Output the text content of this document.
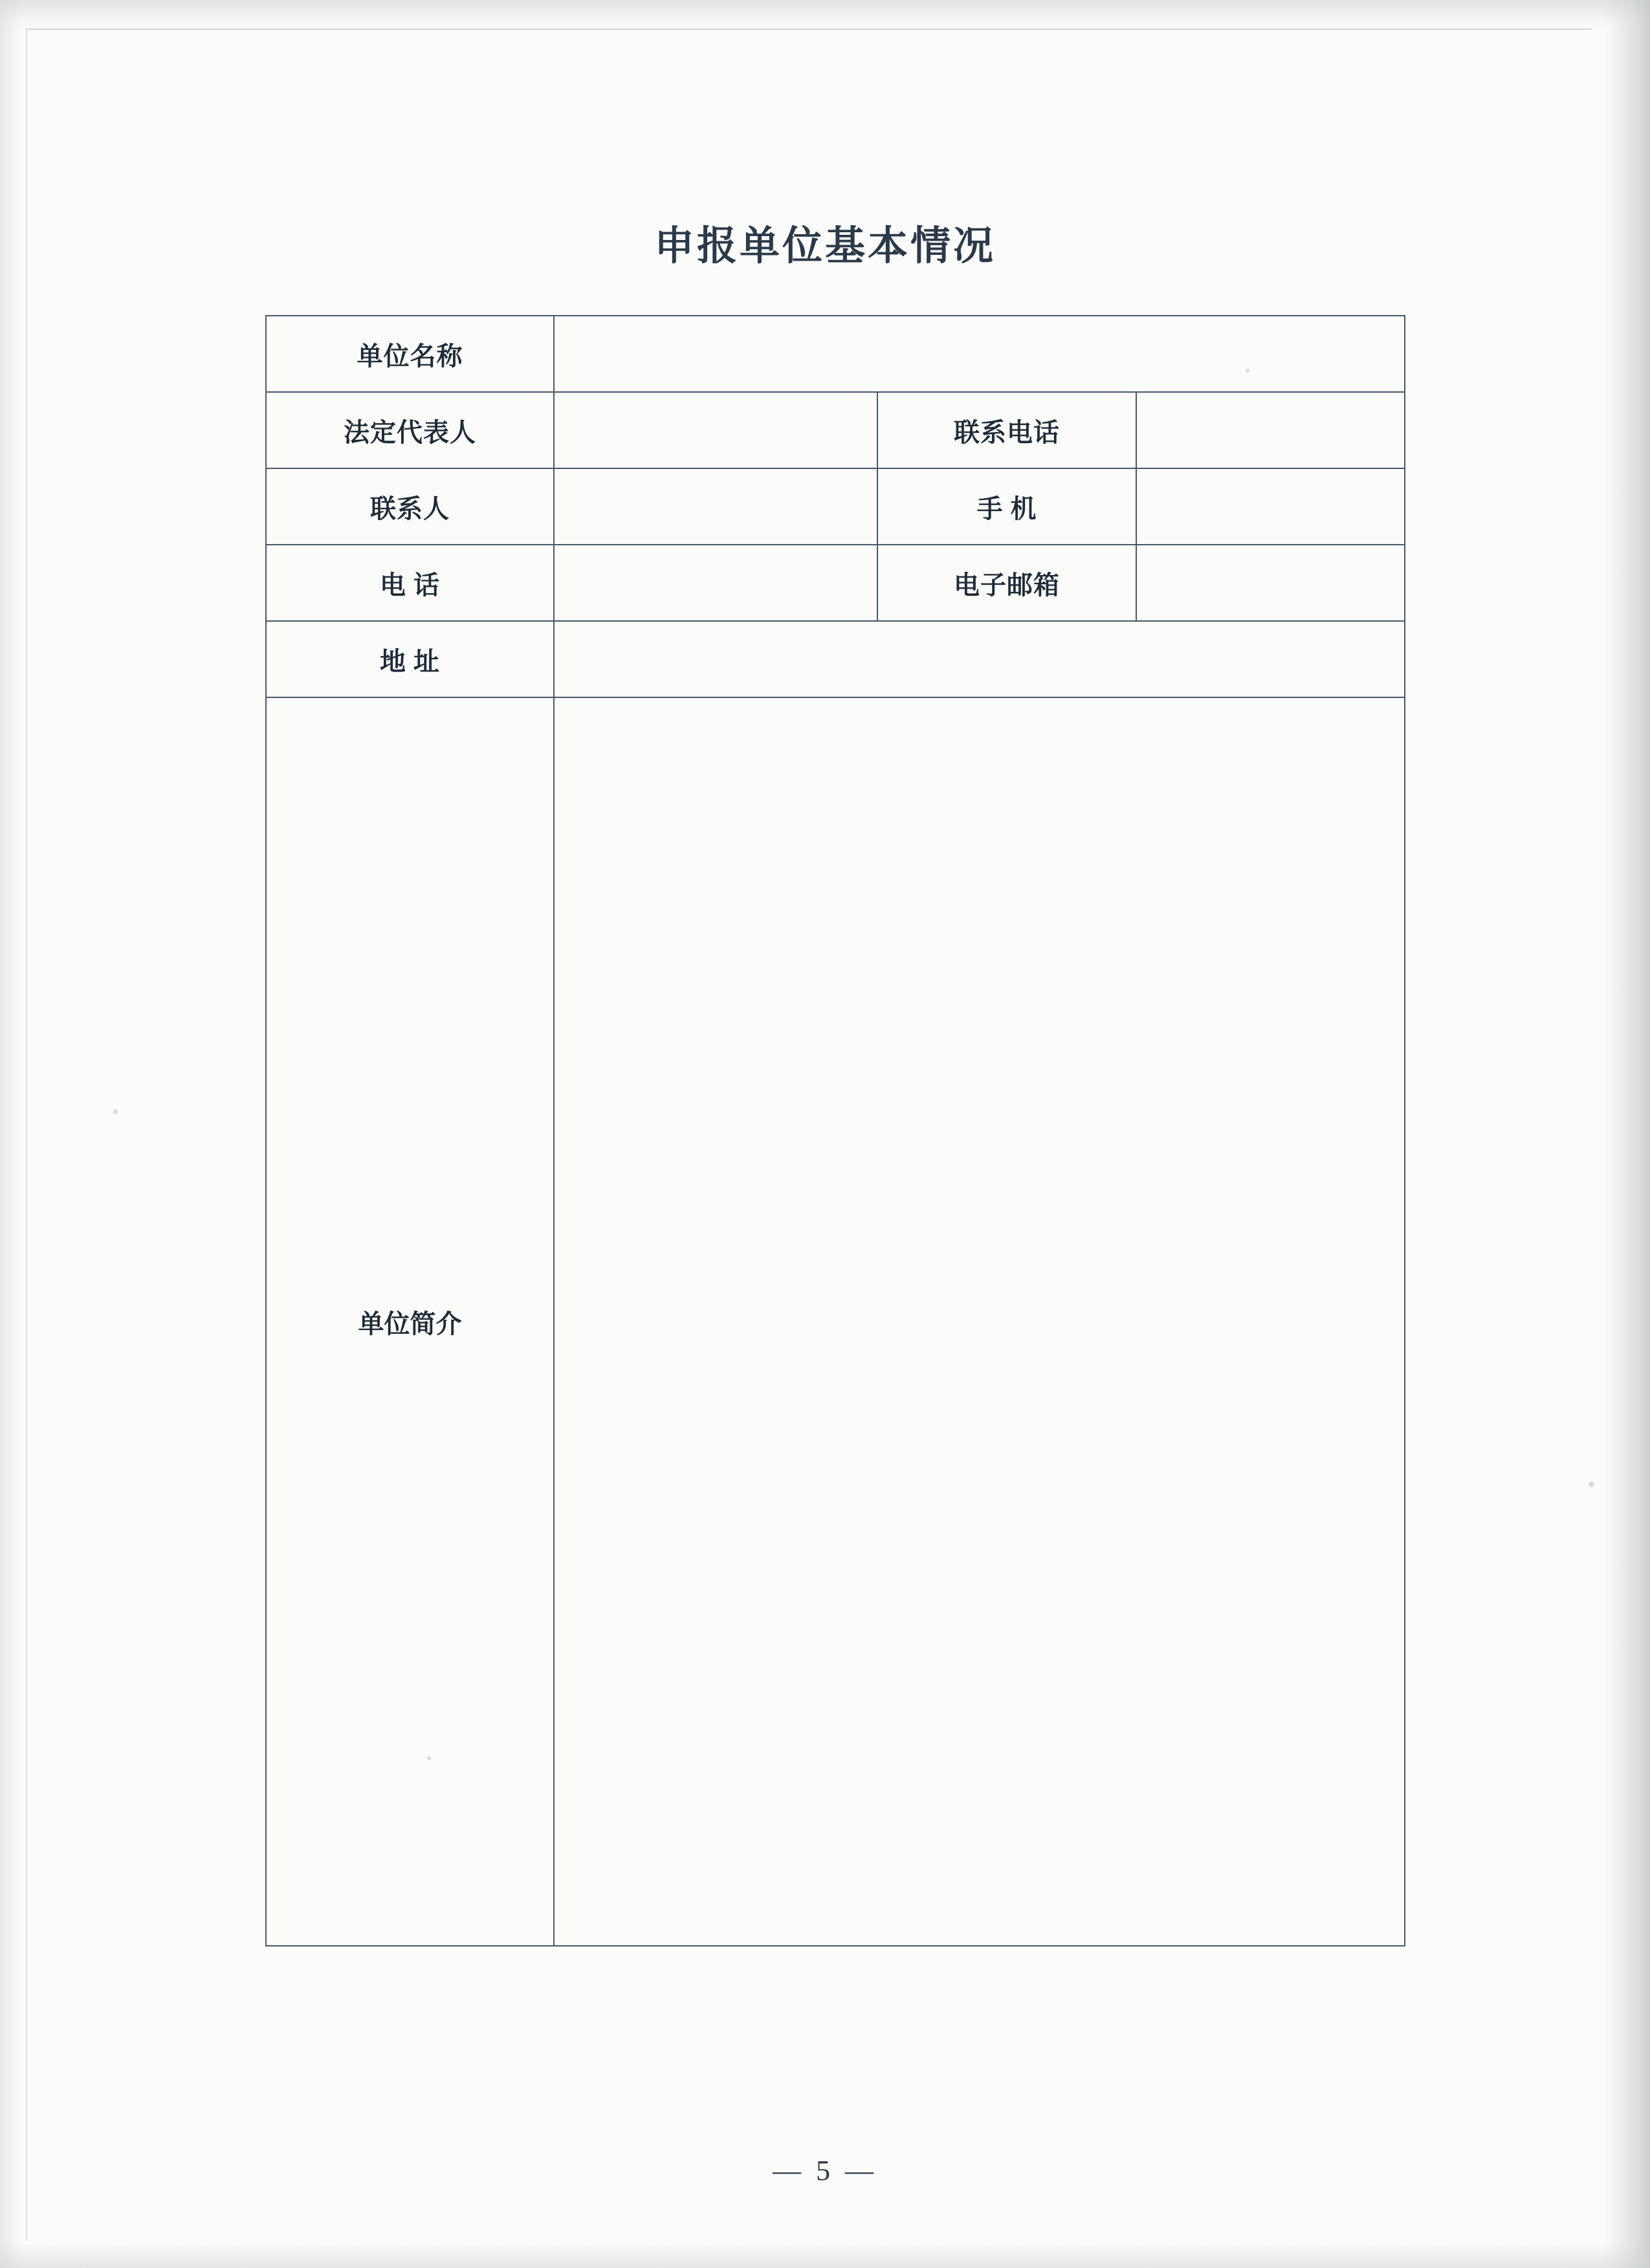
申报单位基本情况
单位名称			
法定代表人		联系电话	
联系人		手 机	
电 话		电子邮箱	
地 址			
单位简介			
— 5 —
